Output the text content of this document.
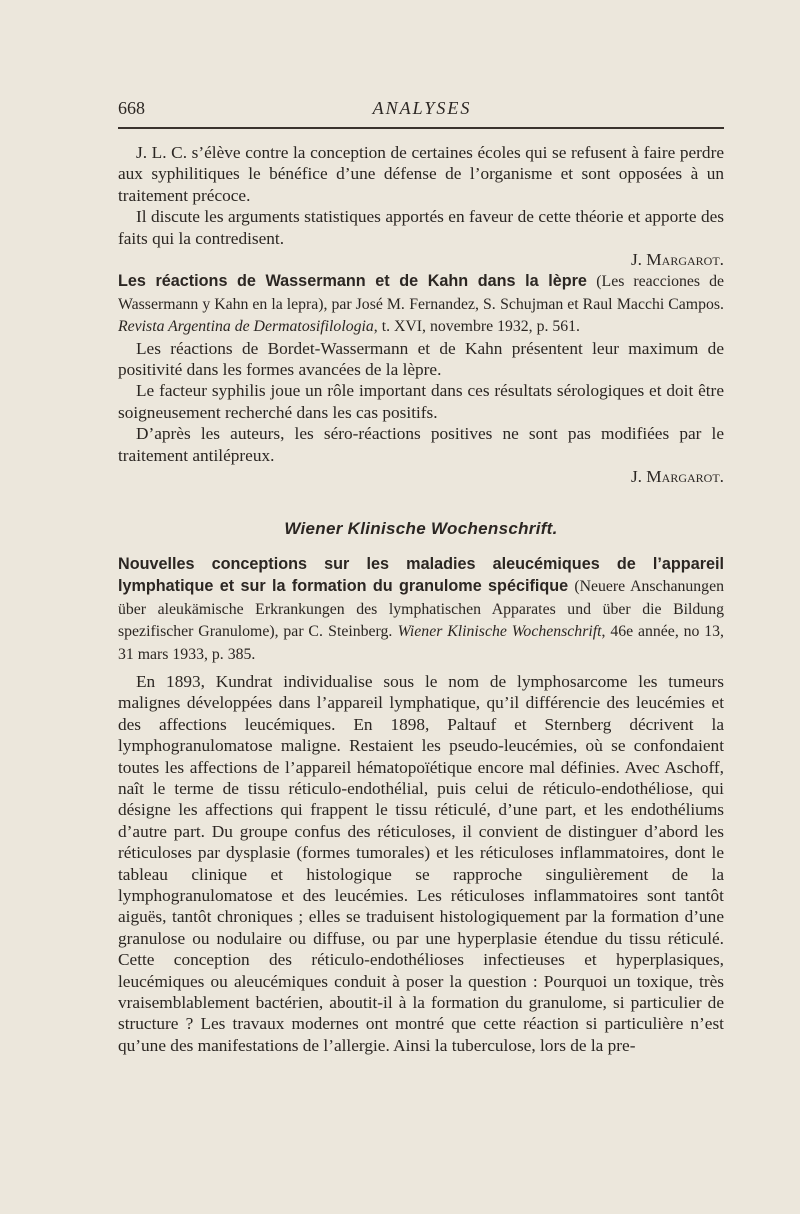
668	ANALYSES

J. L. C. s’élève contre la conception de certaines écoles qui se refusent à faire perdre aux syphilitiques le bénéfice d’une défense de l’organisme et sont opposées à un traitement précoce.

Il discute les arguments statistiques apportés en faveur de cette théorie et apporte des faits qui la contredisent.

J. Margarot.

Les réactions de Wassermann et de Kahn dans la lèpre (Les reacciones de Wassermann y Kahn en la lepra), par José M. Fernandez, S. Schujman et Raul Macchi Campos. Revista Argentina de Dermatosifilologia, t. XVI, novembre 1932, p. 561.

Les réactions de Bordet-Wassermann et de Kahn présentent leur maximum de positivité dans les formes avancées de la lèpre.

Le facteur syphilis joue un rôle important dans ces résultats sérologiques et doit être soigneusement recherché dans les cas positifs.

D’après les auteurs, les séro-réactions positives ne sont pas modifiées par le traitement antilépreux.

J. Margarot.

Wiener Klinische Wochenschrift.

Nouvelles conceptions sur les maladies aleucémiques de l’appareil lymphatique et sur la formation du granulome spécifique (Neuere Anschanungen über aleukämische Erkrankungen des lymphatischen Apparates und über die Bildung spezifischer Granulome), par C. Steinberg. Wiener Klinische Wochenschrift, 46e année, no 13, 31 mars 1933, p. 385.

En 1893, Kundrat individualise sous le nom de lymphosarcome les tumeurs malignes développées dans l’appareil lymphatique, qu’il différencie des leucémies et des affections leucémiques. En 1898, Paltauf et Sternberg décrivent la lymphogranulomatose maligne. Restaient les pseudo-leucémies, où se confondaient toutes les affections de l’appareil hématopoïétique encore mal définies. Avec Aschoff, naît le terme de tissu réticulo-endothélial, puis celui de réticulo-endothéliose, qui désigne les affections qui frappent le tissu réticulé, d’une part, et les endothéliums d’autre part. Du groupe confus des réticuloses, il convient de distinguer d’abord les réticuloses par dysplasie (formes tumorales) et les réticuloses inflammatoires, dont le tableau clinique et histologique se rapproche singulièrement de la lymphogranulomatose et des leucémies. Les réticuloses inflammatoires sont tantôt aiguës, tantôt chroniques ; elles se traduisent histologiquement par la formation d’une granulose ou nodulaire ou diffuse, ou par une hyperplasie étendue du tissu réticulé. Cette conception des réticulo-endothélioses infectieuses et hyperplasiques, leucémiques ou aleucémiques conduit à poser la question : Pourquoi un toxique, très vraisemblablement bactérien, aboutit-il à la formation du granulome, si particulier de structure ? Les travaux modernes ont montré que cette réaction si particulière n’est qu’une des manifestations de l’allergie. Ainsi la tuberculose, lors de la pre-
